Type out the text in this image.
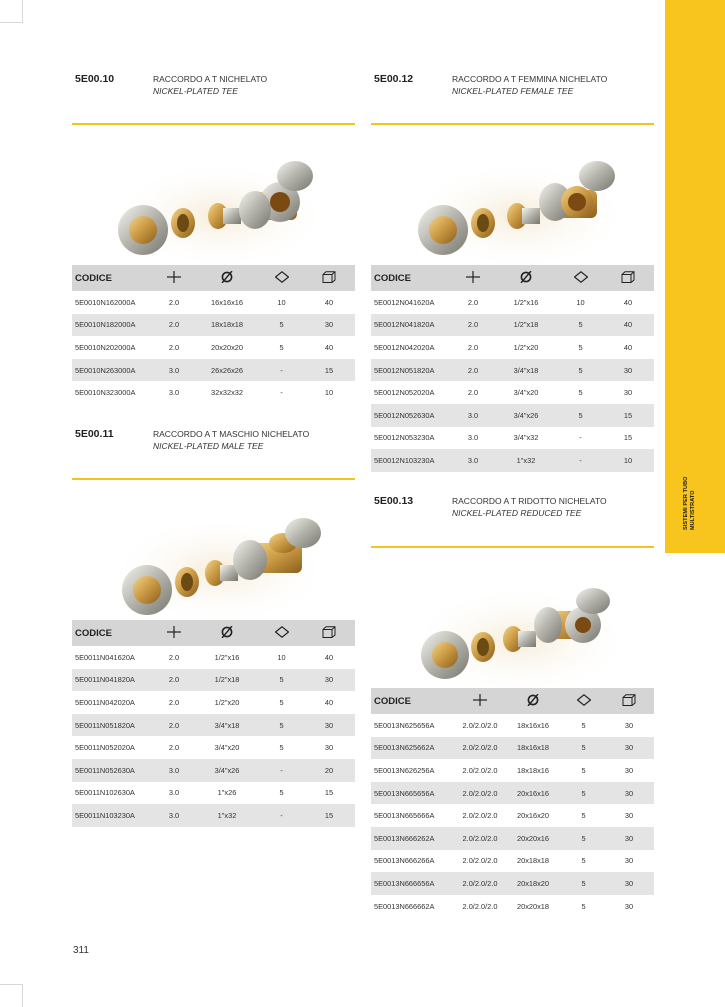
SISTEMI PER TUBO MULTISTRATO
5E00.10	RACCORDO A T NICHELATO
NICKEL-PLATED TEE
CODICE				
5E0010N162000A	2.0	16x16x16	10	40
5E0010N182000A	2.0	18x18x18	5	30
5E0010N202000A	2.0	20x20x20	5	40
5E0010N263000A	3.0	26x26x26	-	15
5E0010N323000A	3.0	32x32x32	-	10
5E00.11	RACCORDO A T MASCHIO NICHELATO
NICKEL-PLATED MALE TEE
CODICE				
5E0011N041620A	2.0	1/2"x16	10	40
5E0011N041820A	2.0	1/2"x18	5	30
5E0011N042020A	2.0	1/2"x20	5	40
5E0011N051820A	2.0	3/4"x18	5	30
5E0011N052020A	2.0	3/4"x20	5	30
5E0011N052630A	3.0	3/4"x26	-	20
5E0011N102630A	3.0	1"x26	5	15
5E0011N103230A	3.0	1"x32	-	15
5E00.12	RACCORDO A T FEMMINA NICHELATO
NICKEL-PLATED FEMALE TEE
CODICE				
5E0012N041620A	2.0	1/2"x16	10	40
5E0012N041820A	2.0	1/2"x18	5	40
5E0012N042020A	2.0	1/2"x20	5	40
5E0012N051820A	2.0	3/4"x18	5	30
5E0012N052020A	2.0	3/4"x20	5	30
5E0012N052630A	3.0	3/4"x26	5	15
5E0012N053230A	3.0	3/4"x32	-	15
5E0012N103230A	3.0	1"x32	-	10
5E00.13	RACCORDO A T RIDOTTO NICHELATO
NICKEL-PLATED REDUCED TEE
CODICE				
5E0013N625656A	2.0/2.0/2.0	18x16x16	5	30
5E0013N625662A	2.0/2.0/2.0	18x16x18	5	30
5E0013N626256A	2.0/2.0/2.0	18x18x16	5	30
5E0013N665656A	2.0/2.0/2.0	20x16x16	5	30
5E0013N665666A	2.0/2.0/2.0	20x16x20	5	30
5E0013N666262A	2.0/2.0/2.0	20x20x16	5	30
5E0013N666266A	2.0/2.0/2.0	20x18x18	5	30
5E0013N666656A	2.0/2.0/2.0	20x18x20	5	30
5E0013N666662A	2.0/2.0/2.0	20x20x18	5	30
311
